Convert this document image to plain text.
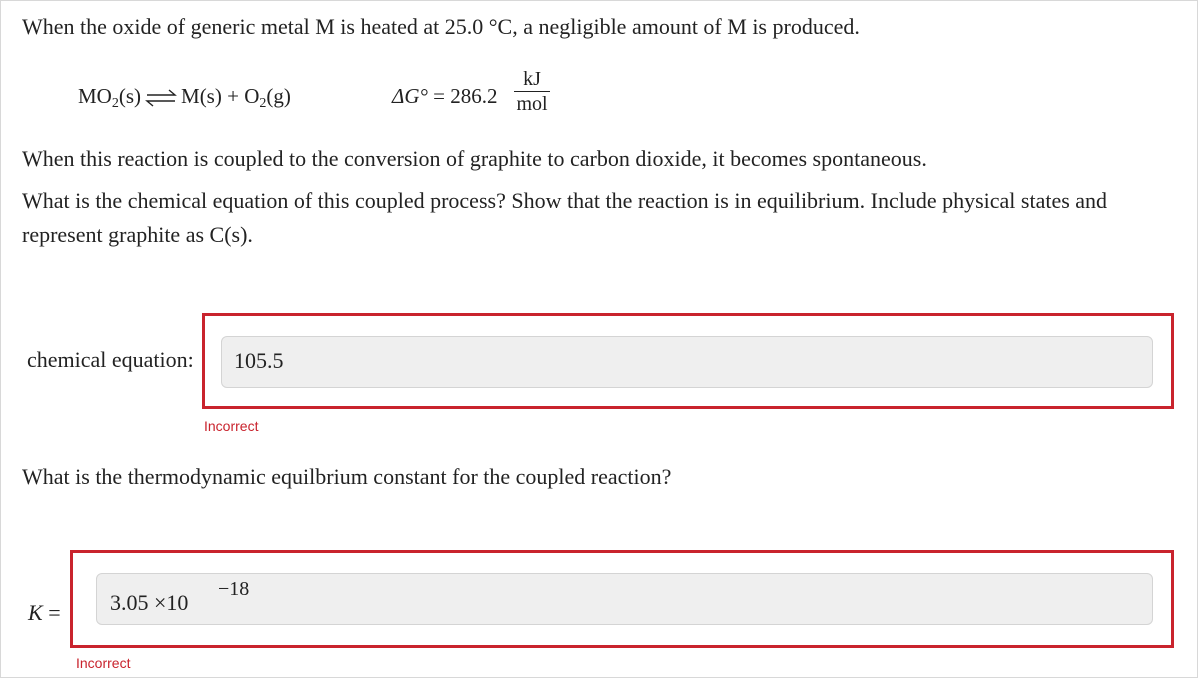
When the oxide of generic metal M is heated at 25.0 °C, a negligible amount of M is produced.

$MO_2(s)$ ⇌ $M(s) + O_2(g)$	ΔG° = 286.2
kJ
mol

When this reaction is coupled to the conversion of graphite to carbon dioxide, it becomes spontaneous.

What is the chemical equation of this coupled process? Show that the reaction is in equilibrium. Include physical states and represent graphite as C(s).

chemical equation:	105.5
Incorrect

What is the thermodynamic equilbrium constant for the coupled reaction?

K = 3.05 ×10
−18
Incorrect
